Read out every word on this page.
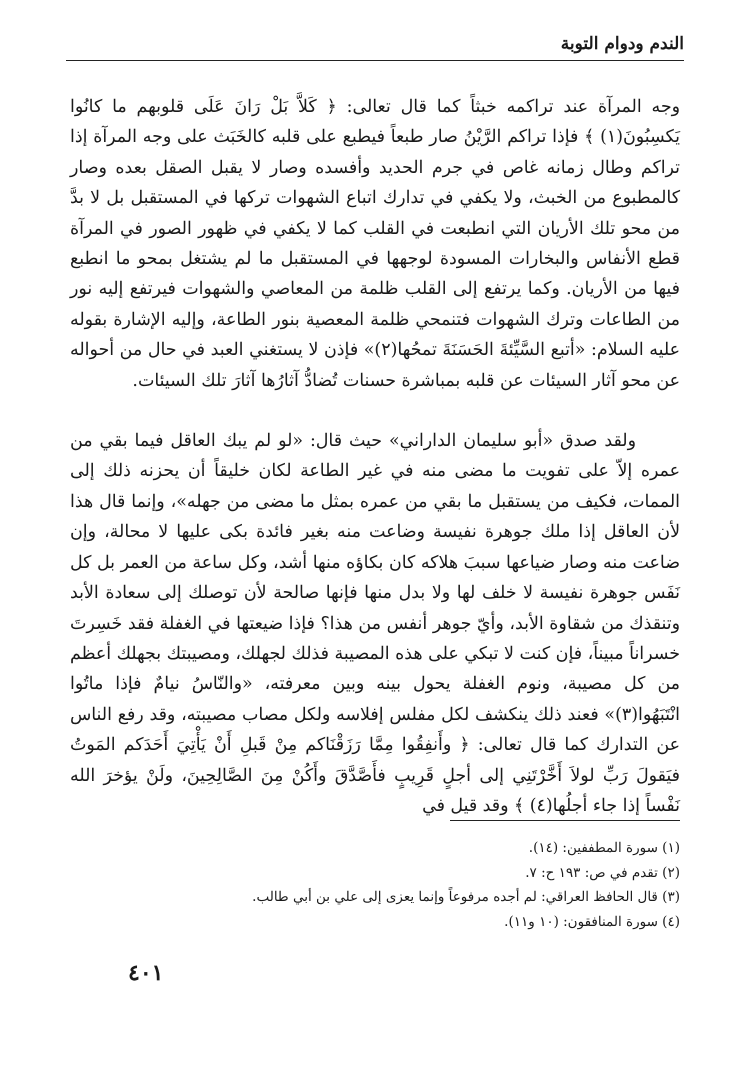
الندم ودوام التوبة

وجه المرآة عند تراكمه خبثاً كما قال تعالى: ﴿ كَلاَّ بَلْ رَانَ عَلَى قلوبهم ما كانُوا يَكسِبُونَ(١) ﴾ فإذا تراكم الرَّيْنُ صار طبعاً فيطبع على قلبه كالخَبَث على وجه المرآة إذا تراكم وطال زمانه غاص في جرم الحديد وأفسده وصار لا يقبل الصقل بعده وصار كالمطبوع من الخبث، ولا يكفي في تدارك اتباع الشهوات تركها في المستقبل بل لا بدَّ من محو تلك الأريان التي انطبعت في القلب كما لا يكفي في ظهور الصور في المرآة قطع الأنفاس والبخارات المسودة لوجهها في المستقبل ما لم يشتغل بمحو ما انطبع فيها من الأريان. وكما يرتفع إلى القلب ظلمة من المعاصي والشهوات فيرتفع إليه نور من الطاعات وترك الشهوات فتنمحي ظلمة المعصية بنور الطاعة، وإليه الإشارة بقوله عليه السلام: «أتبع السَّيِّئةَ الحَسَنَةَ تمحُها(٢)» فإذن لا يستغني العبد في حال من أحواله عن محو آثار السيئات عن قلبه بمباشرة حسنات تُضادُّ آثارُها آثارَ تلك السيئات.

ولقد صدق «أبو سليمان الداراني» حيث قال: «لو لم يبك العاقل فيما بقي من عمره إلاّ على تفويت ما مضى منه في غير الطاعة لكان خليقاً أن يحزنه ذلك إلى الممات، فكيف من يستقبل ما بقي من عمره بمثل ما مضى من جهله»، وإنما قال هذا لأن العاقل إذا ملك جوهرة نفيسة وضاعت منه بغير فائدة بكى عليها لا محالة، وإن ضاعت منه وصار ضياعها سببَ هلاكه كان بكاؤه منها أشد، وكل ساعة من العمر بل كل نَفَس جوهرة نفيسة لا خلف لها ولا بدل منها فإنها صالحة لأن توصلك إلى سعادة الأبد وتنقذك من شقاوة الأبد، وأيّ جوهر أنفس من هذا؟ فإذا ضيعتها في الغفلة فقد خَسِرتَ خسراناً مبيناً، فإن كنت لا تبكي على هذه المصيبة فذلك لجهلك، ومصيبتك بجهلك أعظم من كل مصيبة، ونوم الغفلة يحول بينه وبين معرفته، «والنّاسُ نيامٌ فإذا ماتُوا انْتَبَهُوا(٣)» فعند ذلك ينكشف لكل مفلس إفلاسه ولكل مصاب مصيبته، وقد رفع الناس عن التدارك كما قال تعالى: ﴿ وأَنفِقُوا مِمَّا رَزَقْنَاكم مِنْ قَبلِ أَنْ يَأْتِيَ أَحَدَكم المَوتُ فيَقولَ رَبِّ لولاَ أَخَّرْتَنِي إلى أجلٍ قَرِيبٍ فأَصَّدَّقَ وأَكُنْ مِنَ الصَّالِحِينَ، ولَنْ يؤخرَ الله نَفْساً إذا جاء أجلُها(٤) ﴾ وقد قيل في

(١) سورة المطففين: (١٤).

(٢) تقدم في ص: ١٩٣ ح: ٧.

(٣) قال الحافظ العراقي: لم أجده مرفوعاً وإنما يعزى إلى علي بن أبي طالب.

(٤) سورة المنافقون: (١٠ و١١).

٤٠١
